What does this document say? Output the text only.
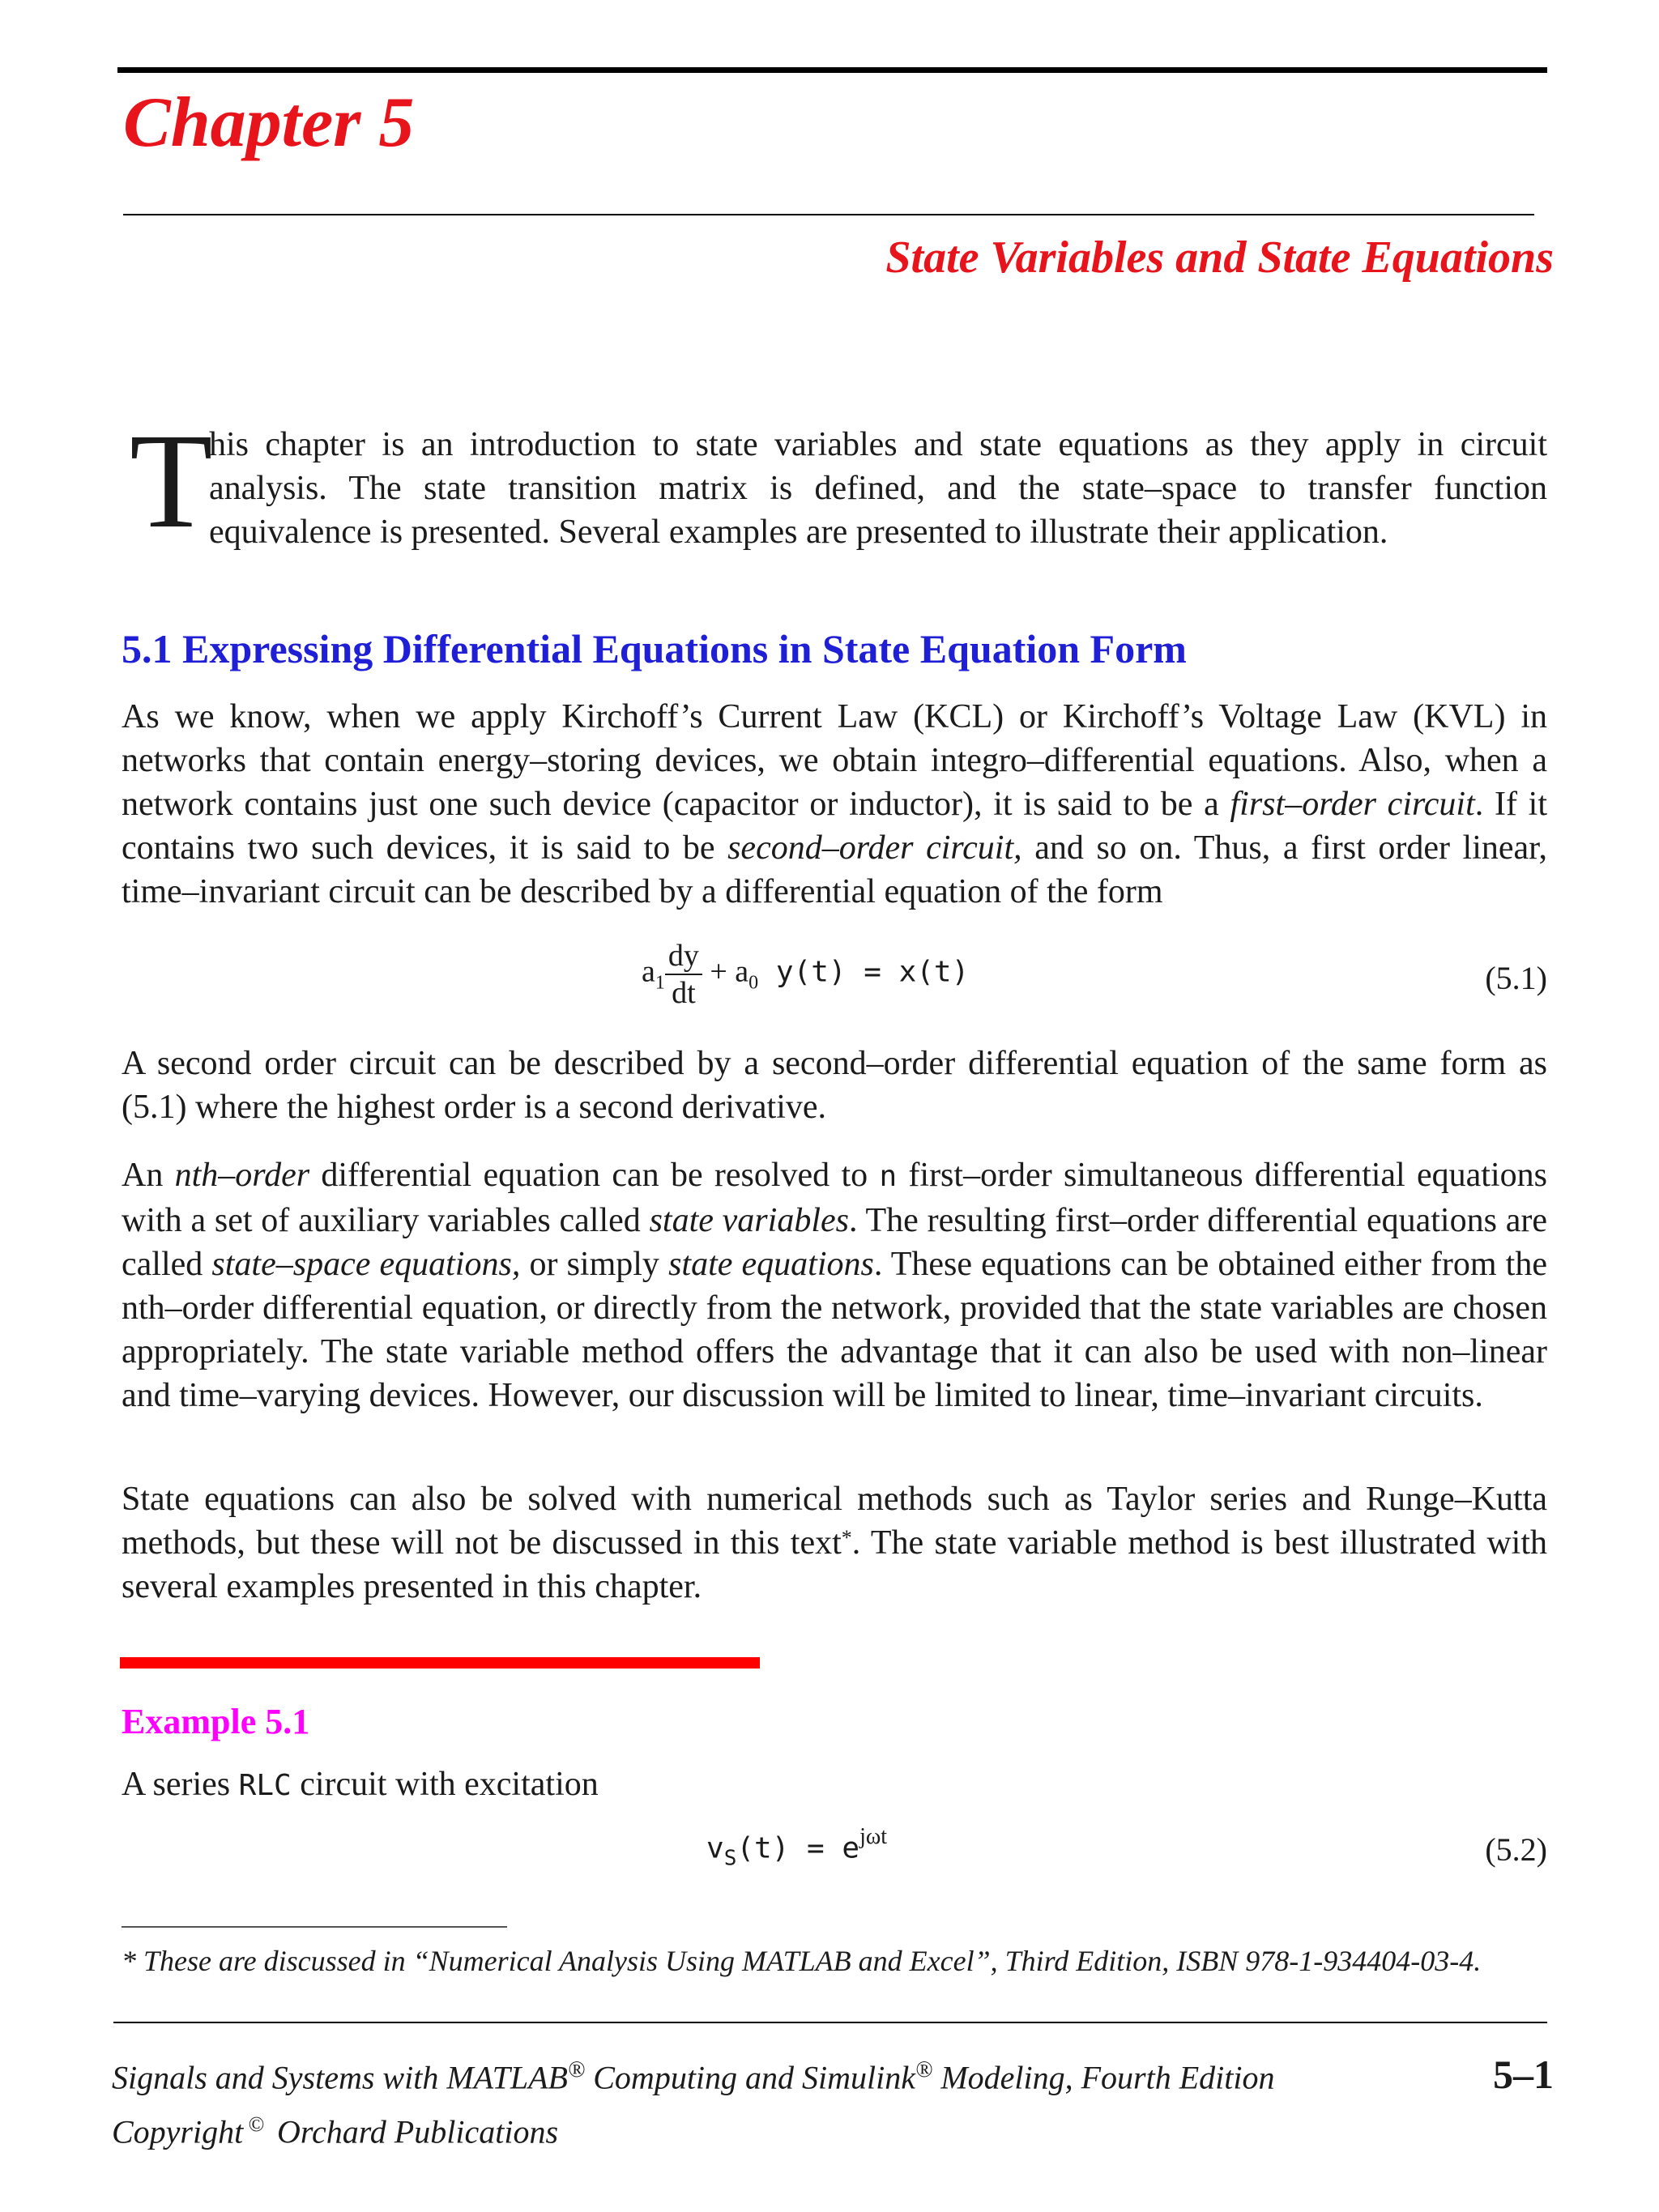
Chapter 5
State Variables and State Equations
T

his chapter is an introduction to state variables and state equations as they apply in circuit analysis. The state transition matrix is defined, and the state–space to transfer function equivalence is presented. Several examples are presented to illustrate their application.

5.1 Expressing Differential Equations in State Equation Form

As we know, when we apply Kirchoff’s Current Law (KCL) or Kirchoff’s Voltage Law (KVL) in networks that contain energy–storing devices, we obtain integro–differential equations. Also, when a network contains just one such device (capacitor or inductor), it is said to be a first–order circuit. If it contains two such devices, it is said to be second–order circuit, and so on. Thus, a first order linear, time–invariant circuit can be described by a differential equation of the form

$a_1 \frac{dy}{dt} + a_0$ y(t) = x(t)	(5.1)

A second order circuit can be described by a second–order differential equation of the same form as (5.1) where the highest order is a second derivative.

An nth–order differential equation can be resolved to n first–order simultaneous differential equations with a set of auxiliary variables called state variables. The resulting first–order differential equations are called state–space equations, or simply state equations. These equations can be obtained either from the nth–order differential equation, or directly from the network, provided that the state variables are chosen appropriately. The state variable method offers the advantage that it can also be used with non–linear and time–varying devices. However, our discussion will be limited to linear, time–invariant circuits.

State equations can also be solved with numerical methods such as Taylor series and Runge–Kutta methods, but these will not be discussed in this text*. The state variable method is best illustrated with several examples presented in this chapter.

Example 5.1

A series RLC circuit with excitation

$v_S(t) = e^{j\omega t}$	(5.2)
* These are discussed in “Numerical Analysis Using MATLAB and Excel”, Third Edition, ISBN 978-1-934404-03-4.
Signals and Systems with MATLAB® Computing and Simulink® Modeling, Fourth Edition
Copyright © Orchard Publications
5–1
